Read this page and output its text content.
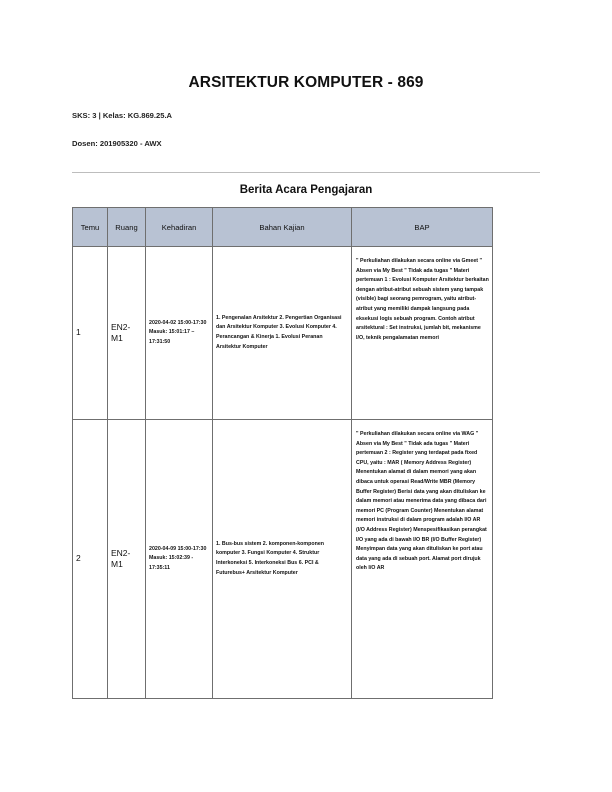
ARSITEKTUR KOMPUTER - 869
SKS: 3 | Kelas: KG.869.25.A
Dosen: 201905320 - AWX
Berita Acara Pengajaran
Temu	Ruang	Kehadiran	Bahan Kajian	BAP
1	EN2-M1	2020-04-02 15:00-17:30 Masuk: 15:01:17 – 17:31:50	1. Pengenalan Arsitektur 2. Pengertian Organisasi dan Arsitektur Komputer 3. Evolusi Komputer 4. Perancangan & Kinerja 1. Evolusi Peranan Arsitektur Komputer	" Perkuliahan dilakukan secara online via Gmeet " Absen via My Best " Tidak ada tugas " Materi pertemuan 1 : Evolusi Komputer Arsitektur berkaitan dengan atribut-atribut sebuah sistem yang tampak (visible) bagi seorang pemrogram, yaitu atribut-atribut yang memiliki dampak langsung pada eksekusi logis sebuah program. Contoh atribut arsitektural : Set instruksi, jumlah bit, mekanisme I/O, teknik pengalamatan memori
2	EN2-M1	2020-04-09 15:00-17:30 Masuk: 15:02:39 - 17:35:11	1. Bus-bus sistem 2. komponen-komponen komputer 3. Fungsi Komputer 4. Struktur Interkoneksi 5. Interkoneksi Bus 6. PCI & Futurebus+ Arsitektur Komputer	" Perkuliahan dilakukan secara online via WAG " Absen via My Best " Tidak ada tugas " Materi pertemuan 2 : Register yang terdapat pada fixed CPU, yaitu : MAR ( Memory Address Register) Menentukan alamat di dalam memori yang akan dibaca untuk operasi Read/Write MBR (Memory Buffer Register) Berisi data yang akan dituliskan ke dalam memori atau menerima data yang dibaca dari memori PC (Program Counter) Menentukan alamat memori instruksi di dalam program adalah I/O AR (I/O Address Register) Menspesifikasikan perangkat I/O yang ada di bawah I/O BR (I/O Buffer Register) Menyimpan data yang akan dituliskan ke port atau data yang ada di sebuah port. Alamat port dirujuk oleh I/O AR
